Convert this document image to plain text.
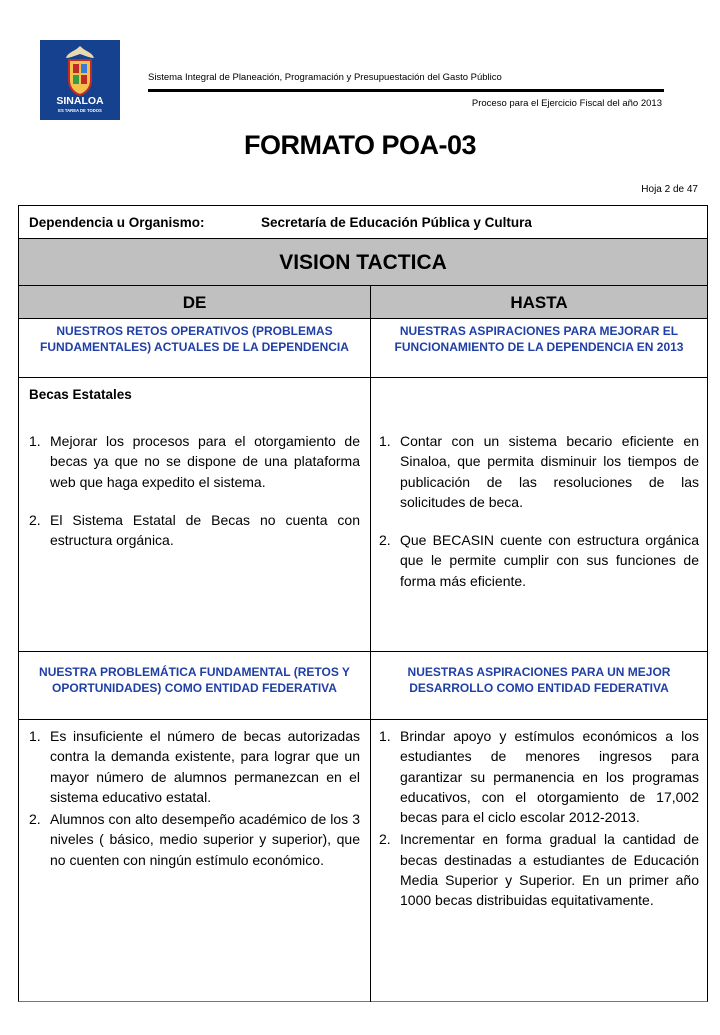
SINALOA
ES TAREA DE TODOS
Sistema Integral de Planeación, Programación y Presupuestación del Gasto Público
Proceso para el Ejercicio Fiscal del año 2013
FORMATO POA-03
Hoja 2 de 47
Dependencia u Organismo:	Secretaría de Educación Pública y Cultura
VISION TACTICA
DE	HASTA
NUESTROS RETOS OPERATIVOS (PROBLEMAS FUNDAMENTALES) ACTUALES DE LA DEPENDENCIA
NUESTRAS ASPIRACIONES PARA MEJORAR EL FUNCIONAMIENTO DE LA DEPENDENCIA EN 2013
Becas Estatales
1. Mejorar los procesos para el otorgamiento de becas ya que no se dispone de una plataforma web que haga expedito el sistema.
2. El Sistema Estatal de Becas no cuenta con estructura orgánica.
1. Contar con un sistema becario eficiente en Sinaloa, que permita disminuir los tiempos de publicación de las resoluciones de las solicitudes de beca.
2. Que BECASIN cuente con estructura orgánica que le permite cumplir con sus funciones de forma más eficiente.
NUESTRA PROBLEMÁTICA FUNDAMENTAL (RETOS Y OPORTUNIDADES) COMO ENTIDAD FEDERATIVA
NUESTRAS ASPIRACIONES PARA UN MEJOR DESARROLLO COMO ENTIDAD FEDERATIVA
1. Es insuficiente el número de becas autorizadas contra la demanda existente, para lograr que un mayor número de alumnos permanezcan en el sistema educativo estatal.
2. Alumnos con alto desempeño académico de los 3 niveles ( básico, medio superior y superior), que no cuenten con ningún estímulo económico.
1. Brindar apoyo y estímulos económicos a los estudiantes de menores ingresos para garantizar su permanencia en los programas educativos, con el otorgamiento de 17,002 becas para el ciclo escolar 2012-2013.
2. Incrementar en forma gradual la cantidad de becas destinadas a estudiantes de Educación Media Superior y Superior. En un primer año 1000 becas distribuidas equitativamente.
